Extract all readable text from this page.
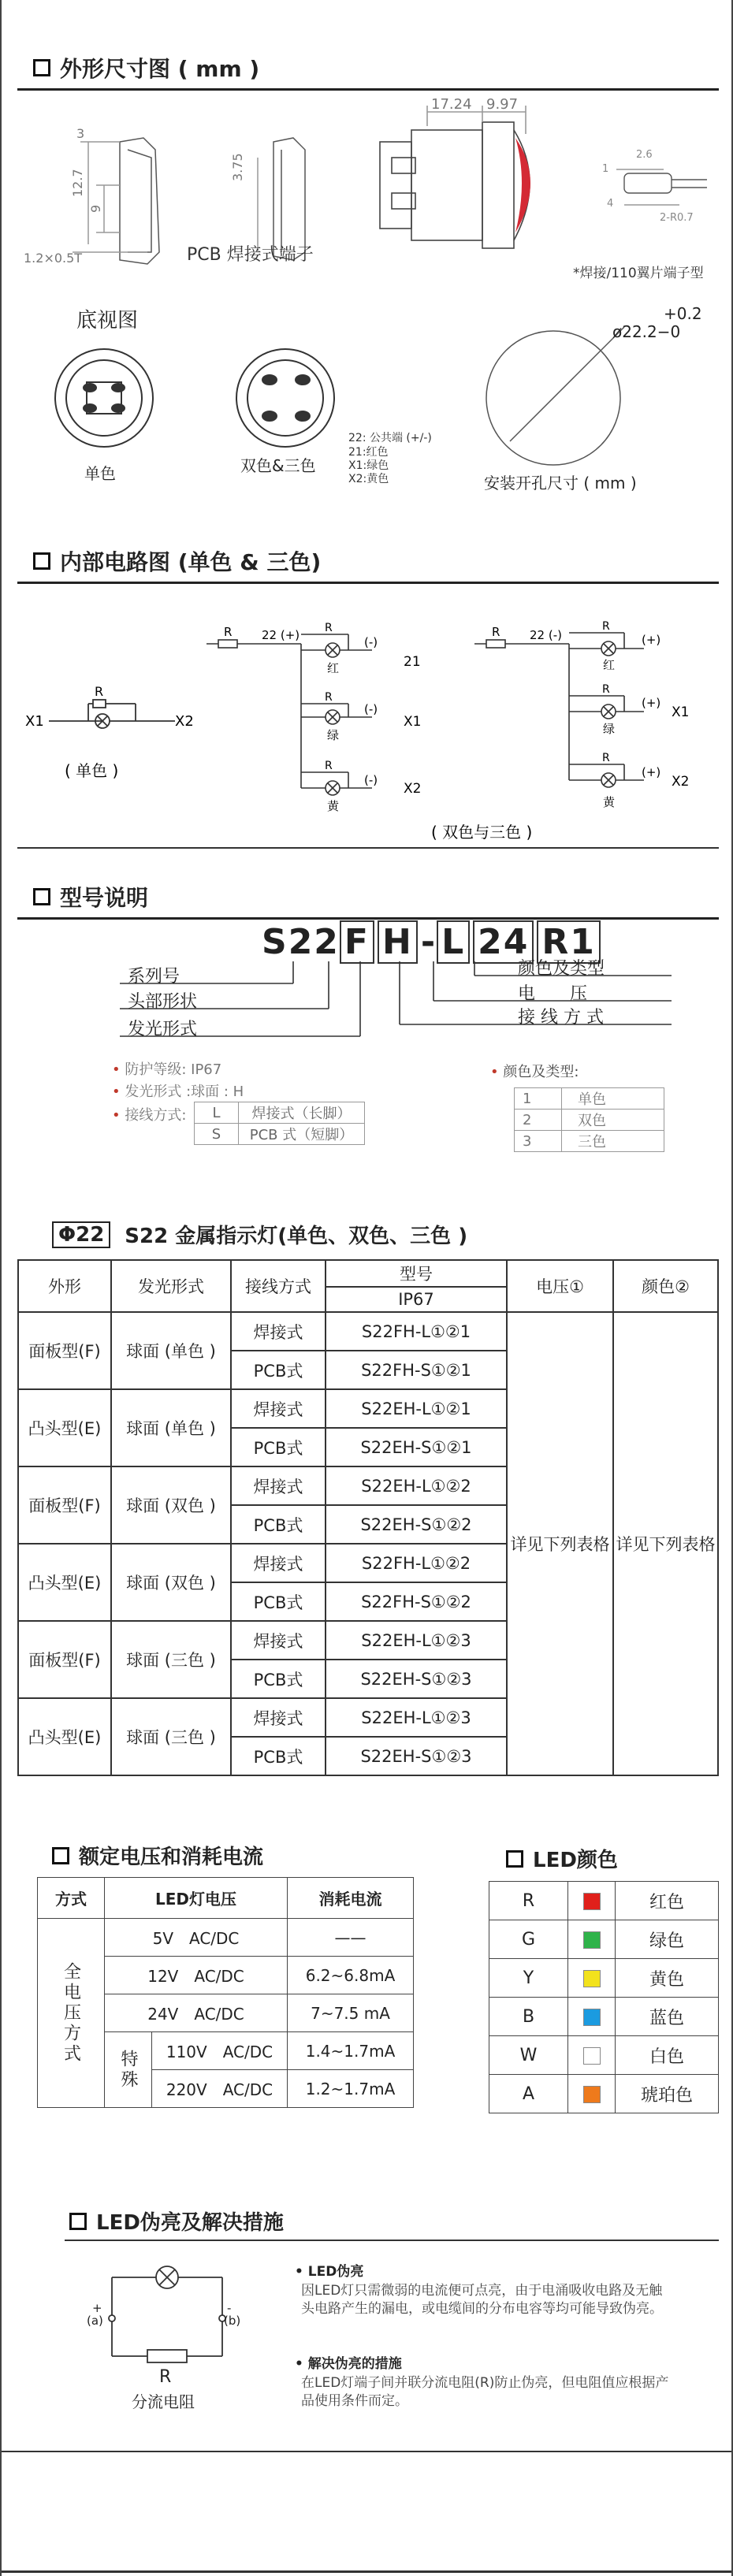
外形尺寸图 ( mm )
3
12.7
9
1.2×0.5T
3.75
PCB 焊接式端子
17.24 9.97
1
2.6
4
2-R0.7
*焊接/110翼片端子型
底视图
单色	双色&三色
22: 公共端 (+/-)
21:红色
X1:绿色
X2:黄色
+0.2
ø22.2−0
安装开孔尺寸 ( mm )
内部电路图 (单色 & 三色)
R
X1	X2
( 单色 )
R	22 (+) R
(-)
红	21
R
(-)
绿
X1
R
(-)
黄
X2
R	22 (-)
R
(+)
红
R
(+)
绿
X1
R
(+)
黄
X2
( 双色与三色 )
型号说明
S22 F H - L 24 R1
系列号
头部形状
发光形式
颜色及类型
电　　压
接 线 方 式
• 防护等级: IP67
• 发光形式 :球面 : H
• 接线方式: L	焊接式（长脚）
S	PCB 式（短脚）
• 颜色及类型:
1	单色
2	双色
3	三色
Φ22	S22 金属指示灯(单色、双色、三色 )
外形	发光形式	接线方式	型号	电压①	颜色②
			IP67		
面板型(F)	球面 (单色 )	焊接式	S22FH-L①②1	详见下列表格	详见下列表格
		PCB式	S22FH-S①②1		
凸头型(E)	球面 (单色 )	焊接式	S22EH-L①②1		
		PCB式	S22EH-S①②1		
面板型(F)	球面 (双色 )	焊接式	S22EH-L①②2		
		PCB式	S22EH-S①②2		
凸头型(E)	球面 (双色 )	焊接式	S22FH-L①②2		
		PCB式	S22FH-S①②2		
面板型(F)	球面 (三色 )	焊接式	S22EH-L①②3		
		PCB式	S22EH-S①②3		
凸头型(E)	球面 (三色 )	焊接式	S22EH-L①②3		
		PCB式	S22EH-S①②3		
额定电压和消耗电流	LED颜色
方式	LED灯电压		消耗电流
全电压方式	5V　AC/DC		——
	12V　AC/DC		6.2~6.8mA
	24V　AC/DC		7~7.5 mA
	特殊	110V　AC/DC	1.4~1.7mA
		220V　AC/DC	1.2~1.7mA
R		红色
G		绿色
Y		黄色
B		蓝色
W		白色
A		琥珀色
LED伪亮及解决措施
+
(a)
-
(b)
R
分流电阻
• LED伪亮
因LED灯只需微弱的电流便可点亮，由于电涌吸收电路及无触
头电路产生的漏电，或电缆间的分布电容等均可能导致伪亮。
• 解决伪亮的措施
在LED灯端子间并联分流电阻(R)防止伪亮，但电阻值应根据产
品使用条件而定。
